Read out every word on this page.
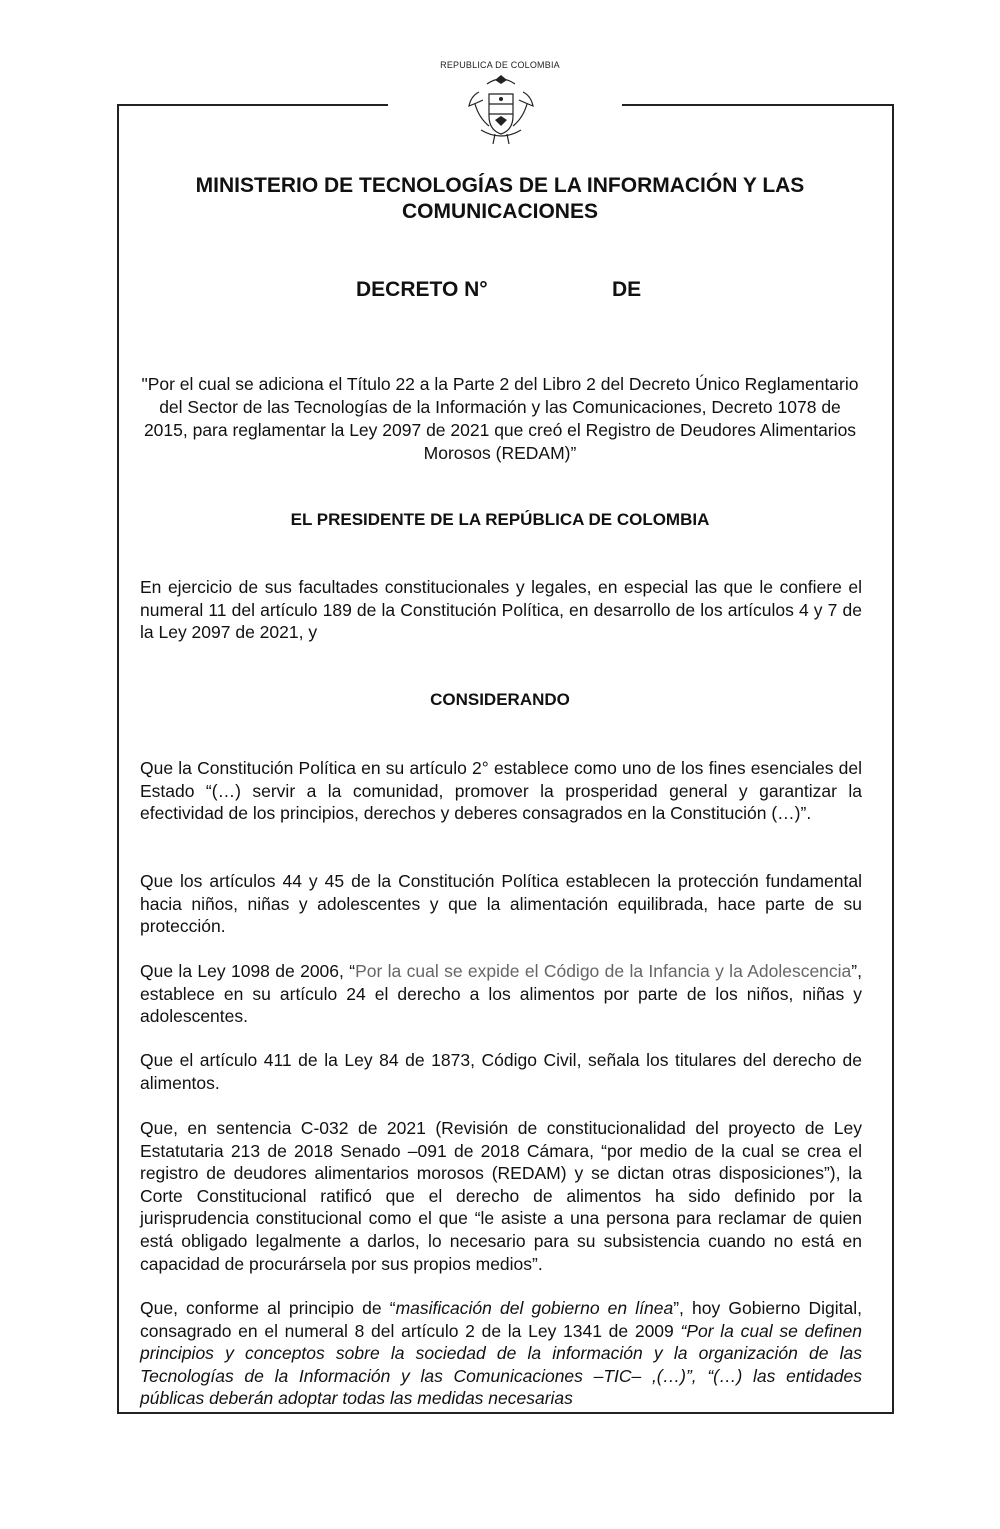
REPUBLICA DE COLOMBIA
MINISTERIO DE TECNOLOGÍAS DE LA INFORMACIÓN Y LAS
COMUNICACIONES
DECRETO N°	DE
"Por el cual se adiciona el Título 22 a la Parte 2 del Libro 2 del Decreto Único Reglamentario del Sector de las Tecnologías de la Información y las Comunicaciones, Decreto 1078 de 2015, para reglamentar la Ley 2097 de 2021 que creó el Registro de Deudores Alimentarios Morosos (REDAM)”
EL PRESIDENTE DE LA REPÚBLICA DE COLOMBIA

En ejercicio de sus facultades constitucionales y legales, en especial las que le confiere el numeral 11 del artículo 189 de la Constitución Política, en desarrollo de los artículos 4 y 7 de la Ley 2097 de 2021, y

CONSIDERANDO

Que la Constitución Política en su artículo 2° establece como uno de los fines esenciales del Estado “(…) servir a la comunidad, promover la prosperidad general y garantizar la efectividad de los principios, derechos y deberes consagrados en la Constitución (…)”.

Que los artículos 44 y 45 de la Constitución Política establecen la protección fundamental hacia niños, niñas y adolescentes y que la alimentación equilibrada, hace parte de su protección.

Que la Ley 1098 de 2006, “Por la cual se expide el Código de la Infancia y la Adolescencia”, establece en su artículo 24 el derecho a los alimentos por parte de los niños, niñas y adolescentes.

Que el artículo 411 de la Ley 84 de 1873, Código Civil, señala los titulares del derecho de alimentos.

Que, en sentencia C-032 de 2021 (Revisión de constitucionalidad del proyecto de Ley Estatutaria 213 de 2018 Senado –091 de 2018 Cámara, “por medio de la cual se crea el registro de deudores alimentarios morosos (REDAM) y se dictan otras disposiciones”), la Corte Constitucional ratificó que el derecho de alimentos ha sido definido por la jurisprudencia constitucional como el que “le asiste a una persona para reclamar de quien está obligado legalmente a darlos, lo necesario para su subsistencia cuando no está en capacidad de procurársela por sus propios medios”.

Que, conforme al principio de “masificación del gobierno en línea”, hoy Gobierno Digital, consagrado en el numeral 8 del artículo 2 de la Ley 1341 de 2009 “Por la cual se definen principios y conceptos sobre la sociedad de la información y la organización de las Tecnologías de la Información y las Comunicaciones –TIC– ,(…)”, “(…) las entidades públicas deberán adoptar todas las medidas necesarias
